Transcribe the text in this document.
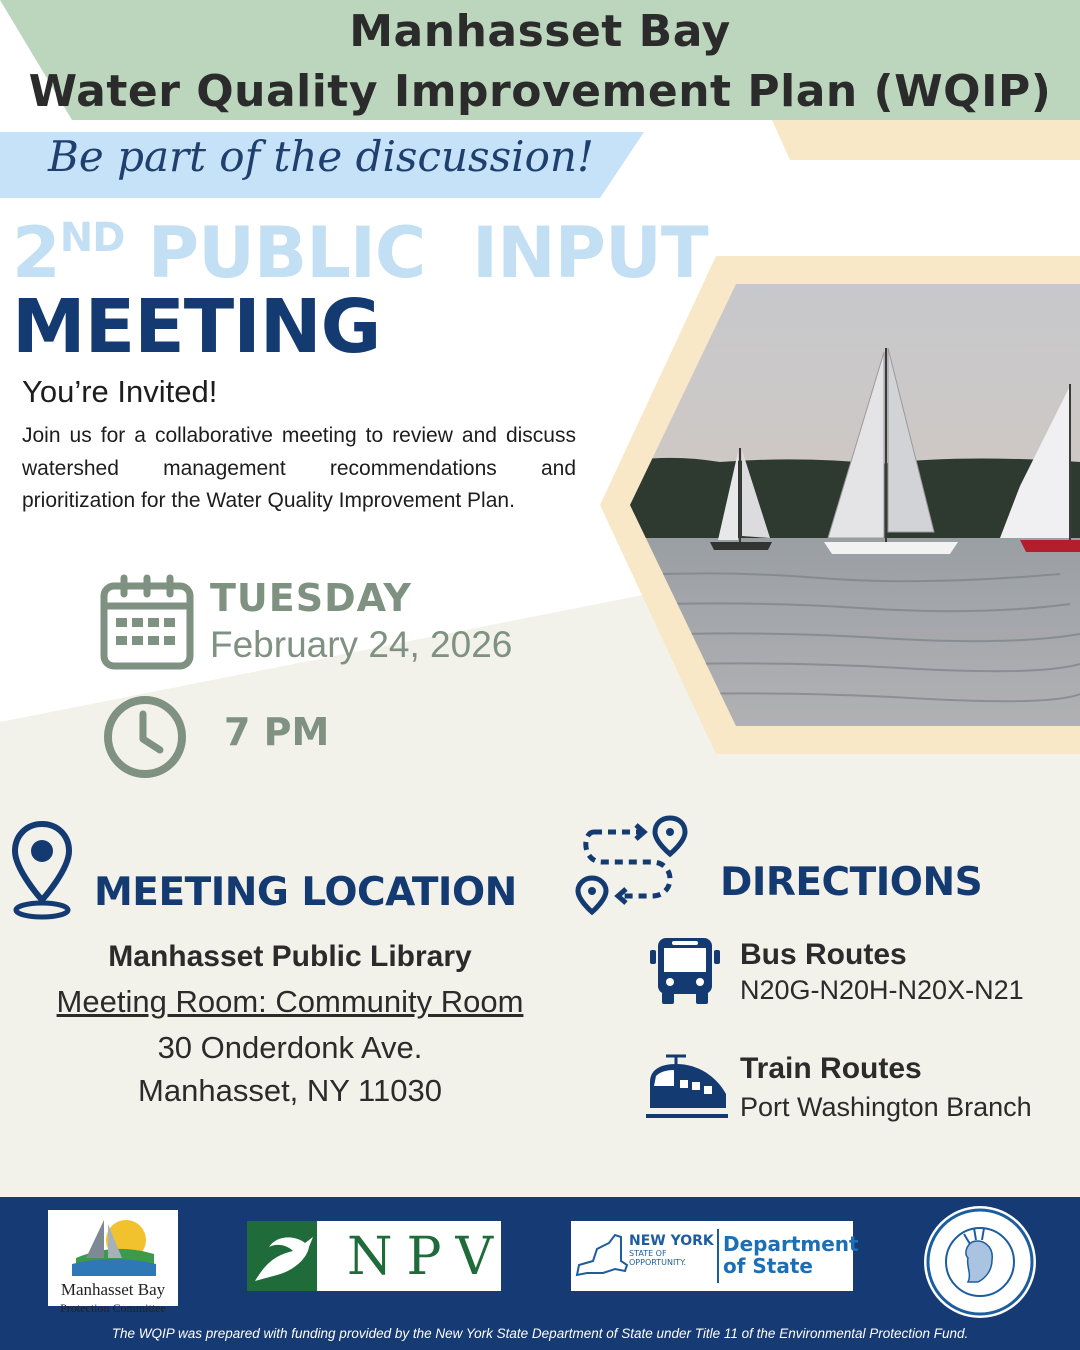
Manhasset Bay
Water Quality Improvement Plan (WQIP)
Be part of the discussion!
2ND PUBLIC  INPUT
MEETING
You’re Invited!
Join us for a collaborative meeting to review and discuss watershed management recommendations and prioritization for the Water Quality Improvement Plan.
TUESDAY
February 24, 2026
7 PM
MEETING LOCATION
Manhasset Public Library
Meeting Room: Community Room
30 Onderdonk Ave.
Manhasset, NY 11030
DIRECTIONS
Bus Routes
N20G-N20H-N20X-N21
Train Routes
Port Washington Branch
Manhasset Bay
Protection Committee
NPV	NEW YORK
STATE OF OPPORTUNITY.
Department of State
The WQIP was prepared with funding provided by the New York State Department of State under Title 11 of the Environmental Protection Fund.
